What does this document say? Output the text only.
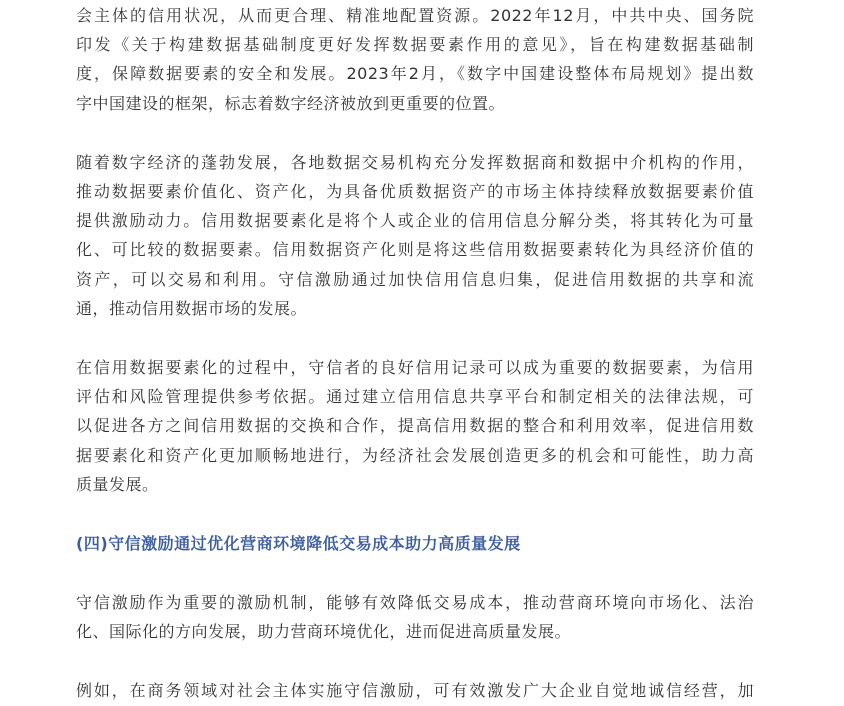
会主体的信用状况，从而更合理、精准地配置资源。2022年12月，中共中央、国务院
印发《关于构建数据基础制度更好发挥数据要素作用的意见》，旨在构建数据基础制
度，保障数据要素的安全和发展。2023年2月，《数字中国建设整体布局规划》提出数
字中国建设的框架，标志着数字经济被放到更重要的位置。

随着数字经济的蓬勃发展，各地数据交易机构充分发挥数据商和数据中介机构的作用，
推动数据要素价值化、资产化，为具备优质数据资产的市场主体持续释放数据要素价值
提供激励动力。信用数据要素化是将个人或企业的信用信息分解分类，将其转化为可量
化、可比较的数据要素。信用数据资产化则是将这些信用数据要素转化为具经济价值的
资产，可以交易和利用。守信激励通过加快信用信息归集，促进信用数据的共享和流
通，推动信用数据市场的发展。

在信用数据要素化的过程中，守信者的良好信用记录可以成为重要的数据要素，为信用
评估和风险管理提供参考依据。通过建立信用信息共享平台和制定相关的法律法规，可
以促进各方之间信用数据的交换和合作，提高信用数据的整合和利用效率，促进信用数
据要素化和资产化更加顺畅地进行，为经济社会发展创造更多的机会和可能性，助力高
质量发展。

(四)守信激励通过优化营商环境降低交易成本助力高质量发展

守信激励作为重要的激励机制，能够有效降低交易成本，推动营商环境向市场化、法治
化、国际化的方向发展，助力营商环境优化，进而促进高质量发展。

例如，在商务领域对社会主体实施守信激励，可有效激发广大企业自觉地诚信经营，加
